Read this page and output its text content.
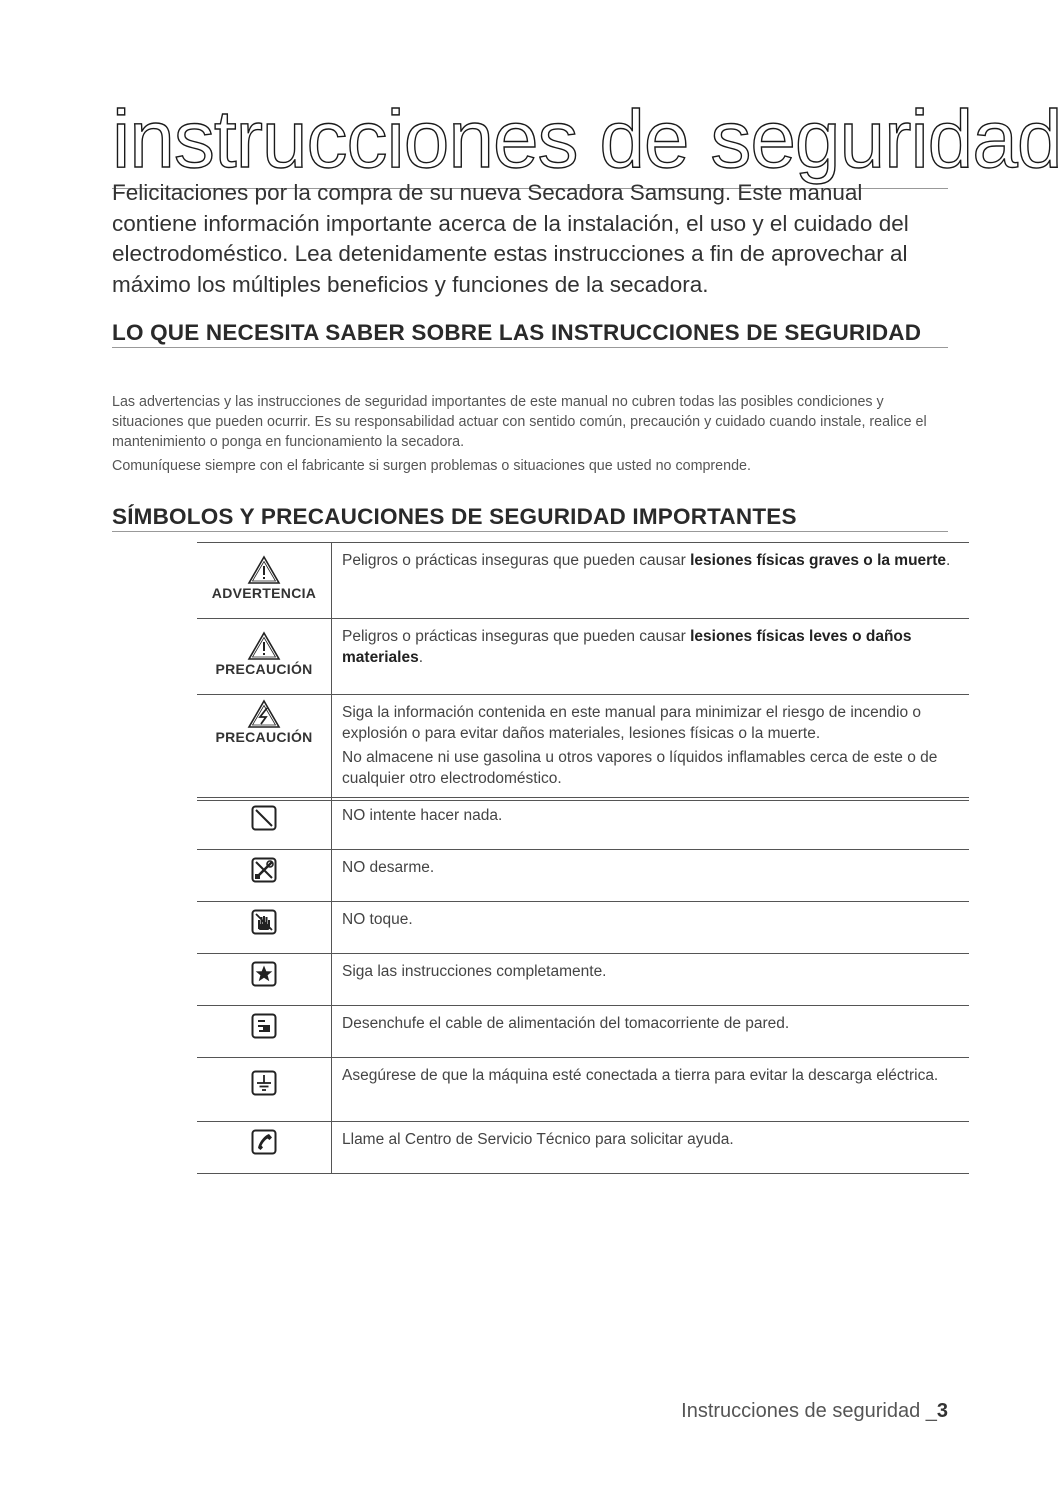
instrucciones de seguridad

Felicitaciones por la compra de su nueva Secadora Samsung. Este manual contiene información importante acerca de la instalación, el uso y el cuidado del electrodoméstico. Lea detenidamente estas instrucciones a fin de aprovechar al máximo los múltiples beneficios y funciones de la secadora.

LO QUE NECESITA SABER SOBRE LAS INSTRUCCIONES DE SEGURIDAD

Las advertencias y las instrucciones de seguridad importantes de este manual no cubren todas las posibles condiciones y situaciones que pueden ocurrir. Es su responsabilidad actuar con sentido común, precaución y cuidado cuando instale, realice el mantenimiento o ponga en funcionamiento la secadora.

Comuníquese siempre con el fabricante si surgen problemas o situaciones que usted no comprende.

SÍMBOLOS Y PRECAUCIONES DE SEGURIDAD IMPORTANTES
ADVERTENCIA	Peligros o prácticas inseguras que pueden causar lesiones físicas graves o la muerte.

PRECAUCIÓN	Peligros o prácticas inseguras que pueden causar lesiones físicas leves o daños materiales.

PRECAUCIÓN	Siga la información contenida en este manual para minimizar el riesgo de incendio o explosión o para evitar daños materiales, lesiones físicas o la muerte.
No almacene ni use gasolina u otros vapores o líquidos inflamables cerca de este o de cualquier otro electrodoméstico.
	NO intente hacer nada.

	NO desarme.

	NO toque.

	Siga las instrucciones completamente.

	Desenchufe el cable de alimentación del tomacorriente de pared.

	Asegúrese de que la máquina esté conectada a tierra para evitar la descarga eléctrica.

	Llame al Centro de Servicio Técnico para solicitar ayuda.

Instrucciones de seguridad _3
